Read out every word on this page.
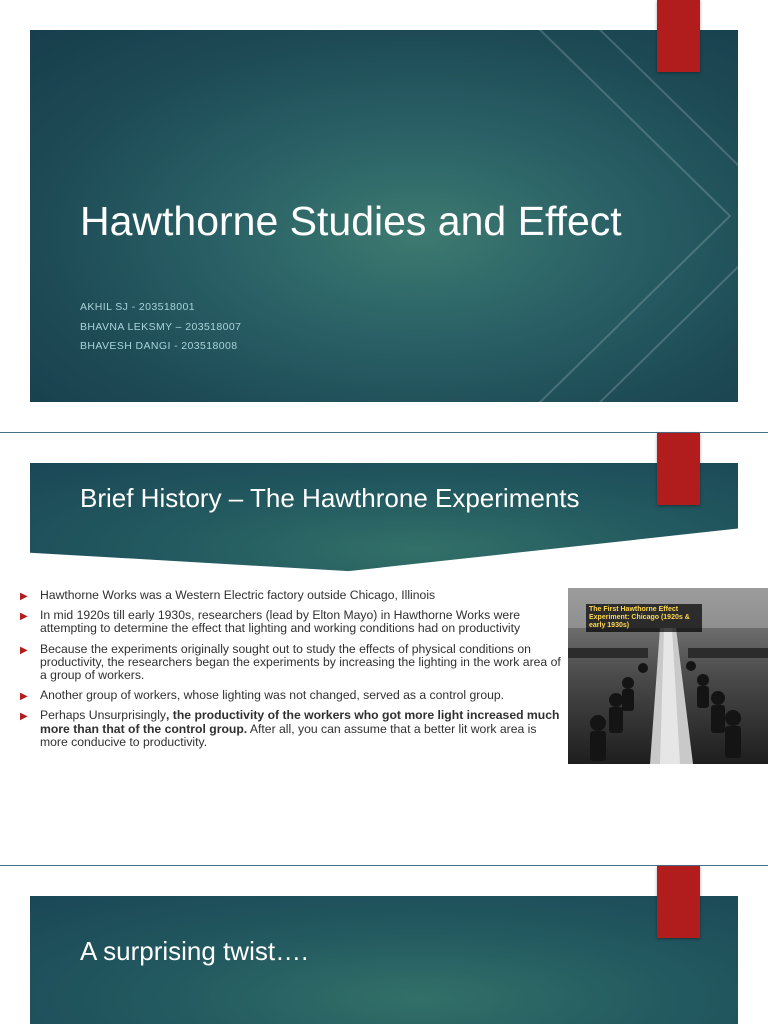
Hawthorne Studies and Effect
AKHIL SJ - 203518001
BHAVNA LEKSMY – 203518007
BHAVESH DANGI - 203518008
Brief History – The Hawthrone Experiments
▶ Hawthorne Works was a Western Electric factory outside Chicago, Illinois
▶ In mid 1920s till early 1930s, researchers (lead by Elton Mayo) in Hawthorne Works were attempting to determine the effect that lighting and working conditions had on productivity
▶ Because the experiments originally sought out to study the effects of physical conditions on productivity, the researchers began the experiments by increasing the lighting in the work area of a group of workers.
▶ Another group of workers, whose lighting was not changed, served as a control group.
▶ Perhaps Unsurprisingly, the productivity of the workers who got more light increased much more than that of the control group. After all, you can assume that a better lit work area is more conducive to productivity.
The First Hawthorne Effect Experiment: Chicago (1920s & early 1930s)
A surprising twist….
